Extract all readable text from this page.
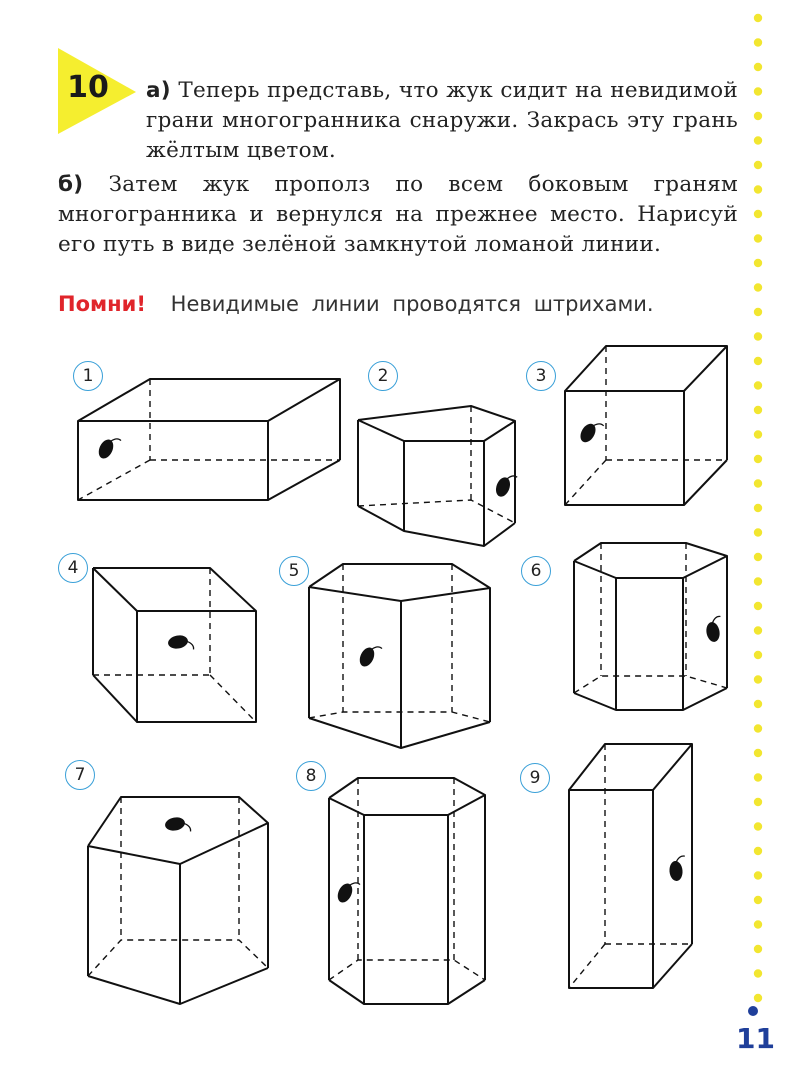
10 а) Теперь представь, что жук сидит на невидимой грани многогранника снаружи. Закрась эту грань жёлтым цветом.
б) Затем жук прополз по всем боковым граням многогранника и вернулся на прежнее место. Нарисуй его путь в виде зелёной замкнутой ломаной линии.
Помни! Невидимые линии проводятся штрихами.
1	2	3
4	5	6
7	8	9
11
